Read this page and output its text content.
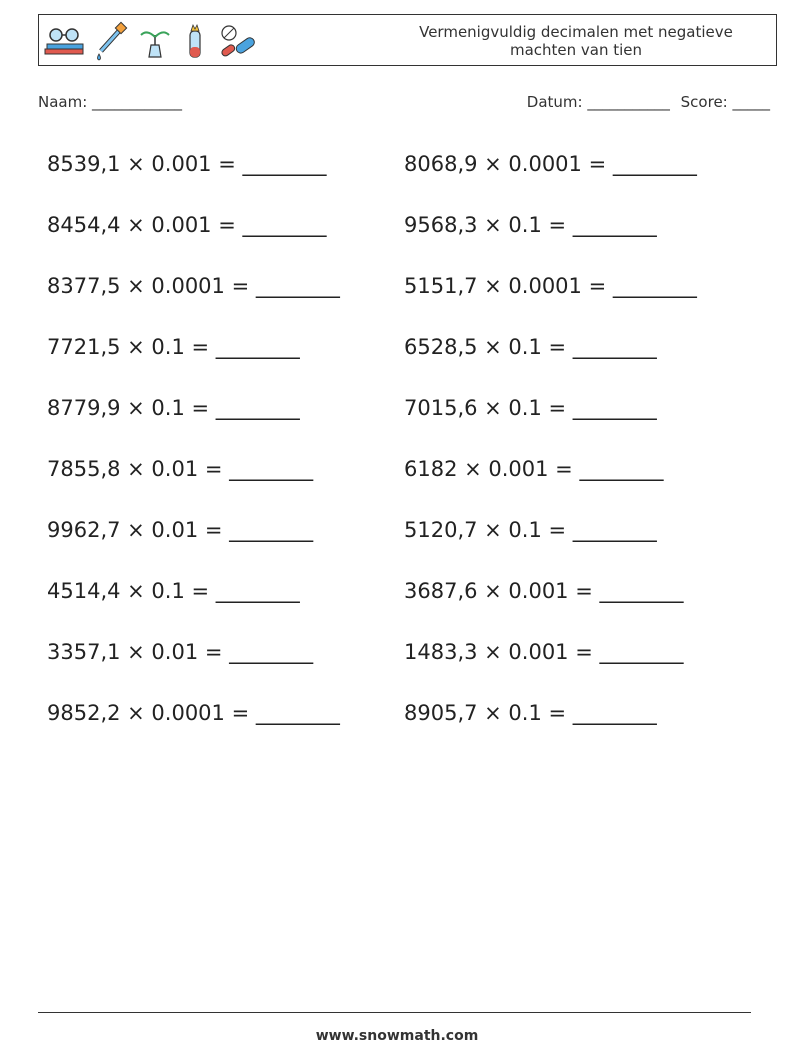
Vermenigvuldig decimalen met negatieve machten van tien
Naam: ____________	Datum: ___________ Score: _____
8539,1 × 0.001 = ________	8068,9 × 0.0001 = ________
8454,4 × 0.001 = ________	9568,3 × 0.1 = ________
8377,5 × 0.0001 = ________	5151,7 × 0.0001 = ________
7721,5 × 0.1 = ________	6528,5 × 0.1 = ________
8779,9 × 0.1 = ________	7015,6 × 0.1 = ________
7855,8 × 0.01 = ________	6182 × 0.001 = ________
9962,7 × 0.01 = ________	5120,7 × 0.1 = ________
4514,4 × 0.1 = ________	3687,6 × 0.001 = ________
3357,1 × 0.01 = ________	1483,3 × 0.001 = ________
9852,2 × 0.0001 = ________	8905,7 × 0.1 = ________
www.snowmath.com
